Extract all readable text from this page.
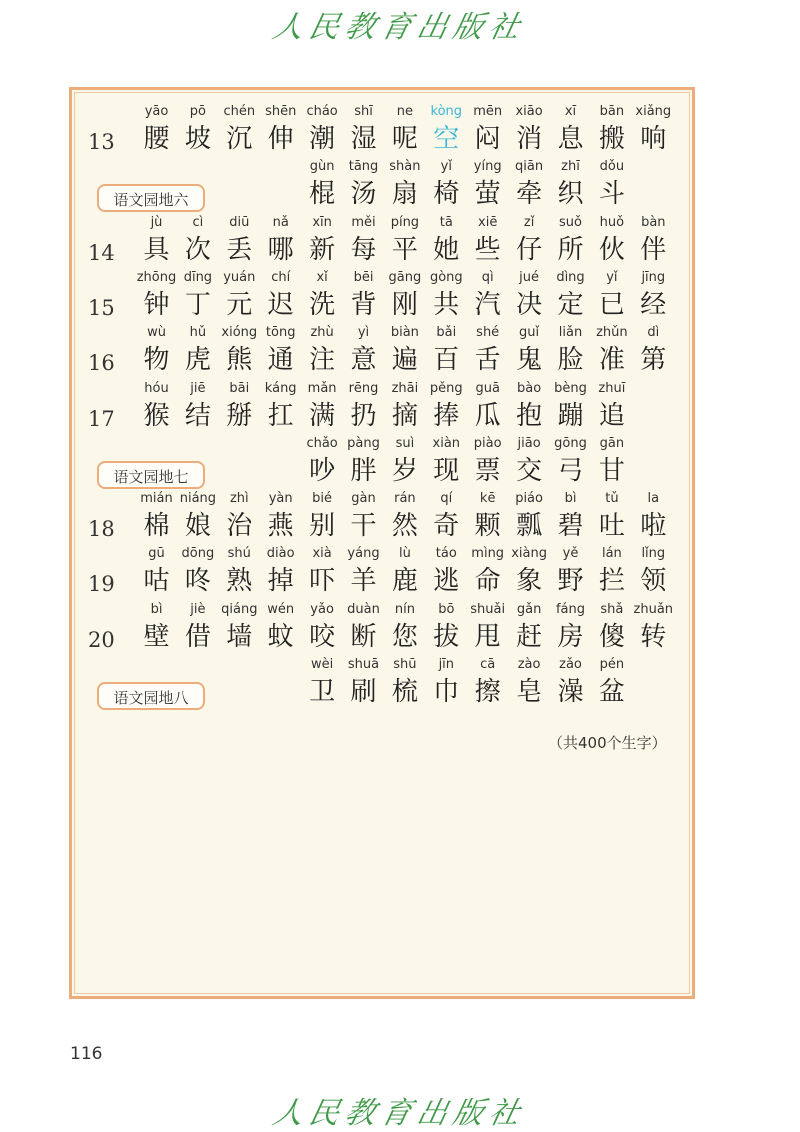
人民教育出版社
13
yāo
腰
pō
坡
chén
沉
shēn
伸
cháo
潮
shī
湿
ne
呢
kòng
空
mēn
闷
xiāo
消
xī
息
bān
搬
xiǎng
响
语文园地六
gùn
棍
tāng
汤
shàn
扇
yǐ
椅
yíng
萤
qiān
牵
zhī
织
dǒu
斗
14
jù
具
cì
次
diū
丢
nǎ
哪
xīn
新
měi
每
píng
平
tā
她
xiē
些
zǐ
仔
suǒ
所
huǒ
伙
bàn
伴
15
zhōng
钟
dīng
丁
yuán
元
chí
迟
xǐ
洗
bēi
背
gāng
刚
gòng
共
qì
汽
jué
决
dìng
定
yǐ
已
jīng
经
16
wù
物
hǔ
虎
xióng
熊
tōng
通
zhù
注
yì
意
biàn
遍
bǎi
百
shé
舌
guǐ
鬼
liǎn
脸
zhǔn
准
dì
第
17
hóu
猴
jiē
结
bāi
掰
káng
扛
mǎn
满
rēng
扔
zhāi
摘
pěng
捧
guā
瓜
bào
抱
bèng
蹦
zhuī
追
语文园地七
chǎo
吵
pàng
胖
suì
岁
xiàn
现
piào
票
jiāo
交
gōng
弓
gān
甘
18
mián
棉
niáng
娘
zhì
治
yàn
燕
bié
别
gàn
干
rán
然
qí
奇
kē
颗
piáo
瓢
bì
碧
tǔ
吐
la
啦
19
gū
咕
dōng
咚
shú
熟
diào
掉
xià
吓
yáng
羊
lù
鹿
táo
逃
mìng
命
xiàng
象
yě
野
lán
拦
lǐng
领
20
bì
壁
jiè
借
qiáng
墙
wén
蚊
yǎo
咬
duàn
断
nín
您
bō
拔
shuǎi
甩
gǎn
赶
fáng
房
shǎ
傻
zhuǎn
转
语文园地八
wèi
卫
shuā
刷
shū
梳
jīn
巾
cā
擦
zào
皂
zǎo
澡
pén
盆
（共400个生字）
116
人民教育出版社
